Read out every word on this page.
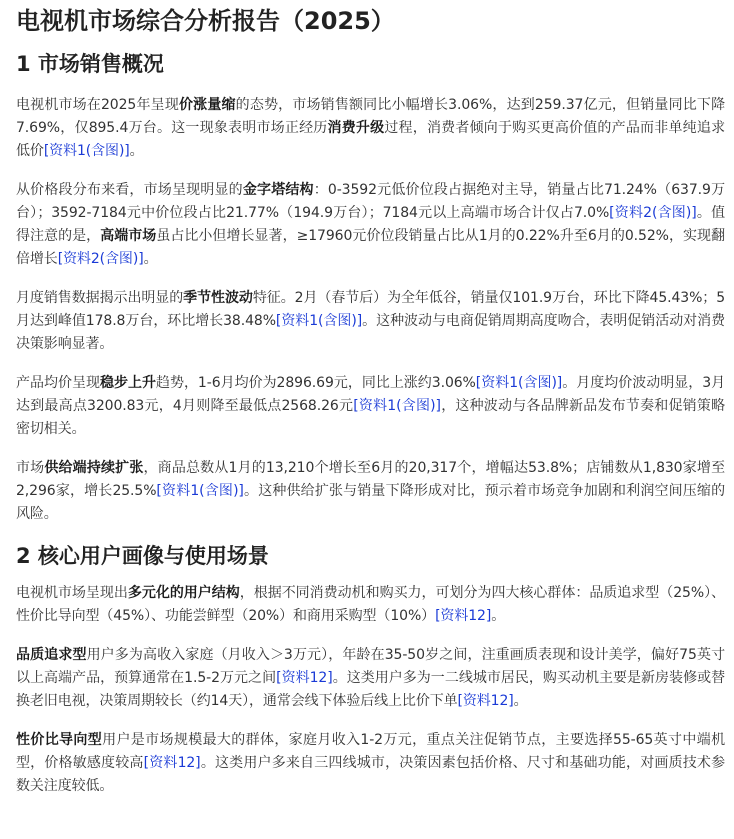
电视机市场综合分析报告（2025）
1 市场销售概况

电视机市场在2025年呈现价涨量缩的态势，市场销售额同比小幅增长3.06%，达到259.37亿元，但销量同比下降7.69%，仅895.4万台。这一现象表明市场正经历消费升级过程，消费者倾向于购买更高价值的产品而非单纯追求低价[资料1(含图)]。

从价格段分布来看，市场呈现明显的金字塔结构：0-3592元低价位段占据绝对主导，销量占比71.24%（637.9万台）；3592-7184元中价位段占比21.77%（194.9万台）；7184元以上高端市场合计仅占7.0%[资料2(含图)]。值得注意的是，高端市场虽占比小但增长显著，≥17960元价位段销量占比从1月的0.22%升至6月的0.52%，实现翻倍增长[资料2(含图)]。

月度销售数据揭示出明显的季节性波动特征。2月（春节后）为全年低谷，销量仅101.9万台，环比下降45.43%；5月达到峰值178.8万台，环比增长38.48%[资料1(含图)]。这种波动与电商促销周期高度吻合，表明促销活动对消费决策影响显著。

产品均价呈现稳步上升趋势，1-6月均价为2896.69元，同比上涨约3.06%[资料1(含图)]。月度均价波动明显，3月达到最高点3200.83元，4月则降至最低点2568.26元[资料1(含图)]，这种波动与各品牌新品发布节奏和促销策略密切相关。

市场供给端持续扩张，商品总数从1月的13,210个增长至6月的20,317个，增幅达53.8%；店铺数从1,830家增至2,296家，增长25.5%[资料1(含图)]。这种供给扩张与销量下降形成对比，预示着市场竞争加剧和利润空间压缩的风险。

2 核心用户画像与使用场景

电视机市场呈现出多元化的用户结构，根据不同消费动机和购买力，可划分为四大核心群体：品质追求型（25%）、性价比导向型（45%）、功能尝鲜型（20%）和商用采购型（10%）[资料12]。

品质追求型用户多为高收入家庭（月收入＞3万元），年龄在35-50岁之间，注重画质表现和设计美学，偏好75英寸以上高端产品，预算通常在1.5-2万元之间[资料12]。这类用户多为一二线城市居民，购买动机主要是新房装修或替换老旧电视，决策周期较长（约14天），通常会线下体验后线上比价下单[资料12]。

性价比导向型用户是市场规模最大的群体，家庭月收入1-2万元，重点关注促销节点，主要选择55-65英寸中端机型，价格敏感度较高[资料12]。这类用户多来自三四线城市，决策因素包括价格、尺寸和基础功能，对画质技术参数关注度较低。
